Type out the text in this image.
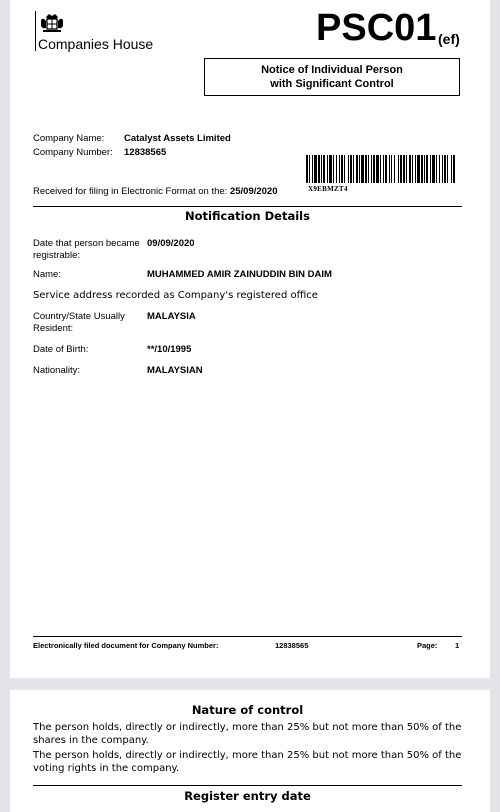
Companies House	PSC01 (ef)
Notice of Individual Person
with Significant Control
Company Name: Catalyst Assets Limited
Company Number: 12838565
X9EBMZT4
Received for filing in Electronic Format on the: 25/09/2020
Notification Details
Date that person became
registrable:
09/09/2020
Name:	MUHAMMED AMIR ZAINUDDIN BIN DAIM
Service address recorded as Company's registered office
Country/State Usually
Resident:
MALAYSIA
Date of Birth:	**/10/1995
Nationality:	MALAYSIAN
Electronically filed document for Company Number:	12838565	Page: 1
Nature of control
The person holds, directly or indirectly, more than 25% but not more than 50% of the shares in the company.
The person holds, directly or indirectly, more than 25% but not more than 50% of the voting rights in the company.
Register entry date
